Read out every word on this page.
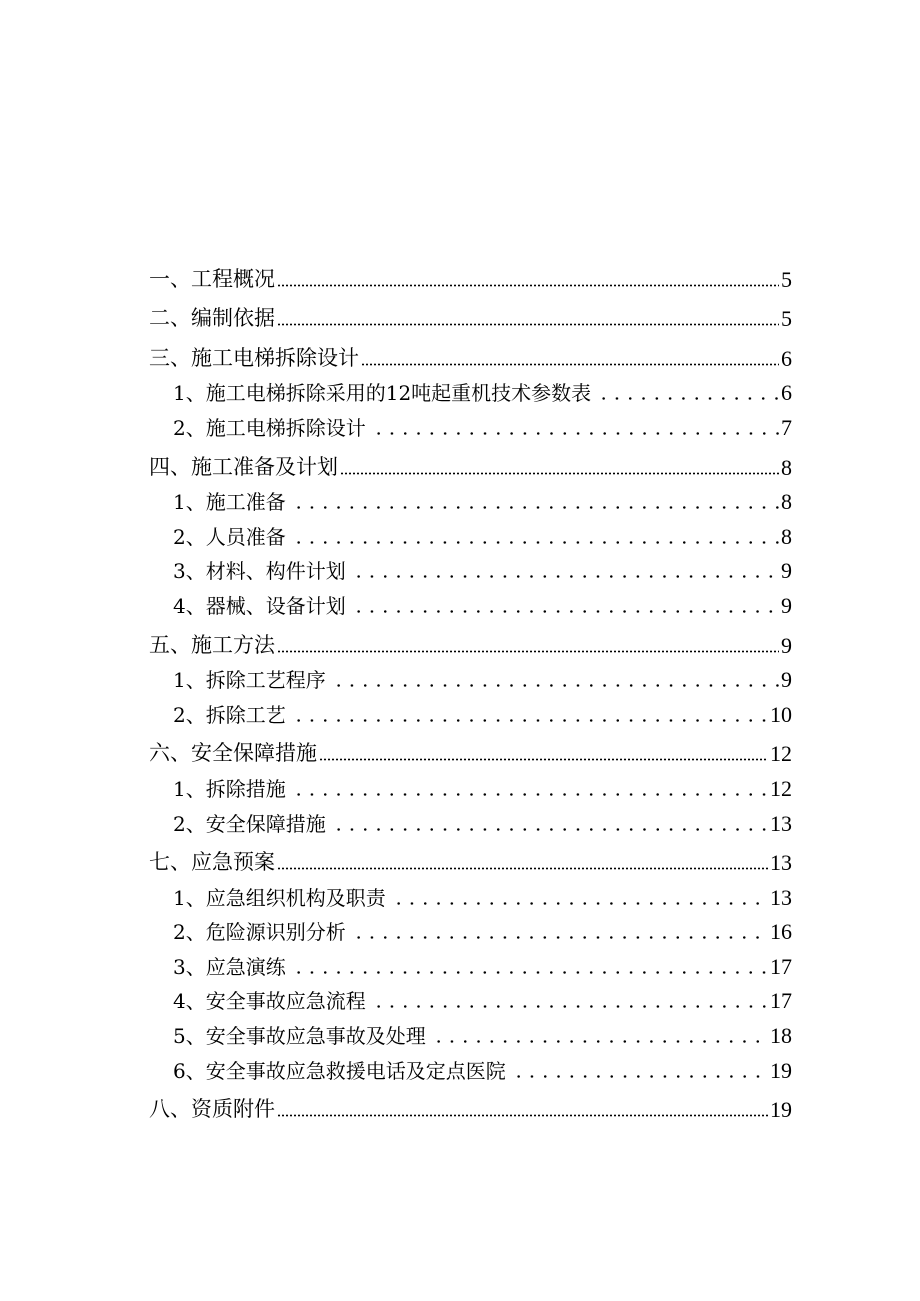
一、工程概况	5
二、编制依据	5
三、施工电梯拆除设计	6
1、施工电梯拆除采用的12吨起重机技术参数表	6
2、施工电梯拆除设计	7
四、施工准备及计划	8
1、施工准备	8
2、人员准备	8
3、材料、构件计划	9
4、器械、设备计划	9
五、施工方法	9
1、拆除工艺程序	9
2、拆除工艺	10
六、安全保障措施	12
1、拆除措施	12
2、安全保障措施	13
七、应急预案	13
1、应急组织机构及职责	13
2、危险源识别分析	16
3、应急演练	17
4、安全事故应急流程	17
5、安全事故应急事故及处理	18
6、安全事故应急救援电话及定点医院	19
八、资质附件	19
